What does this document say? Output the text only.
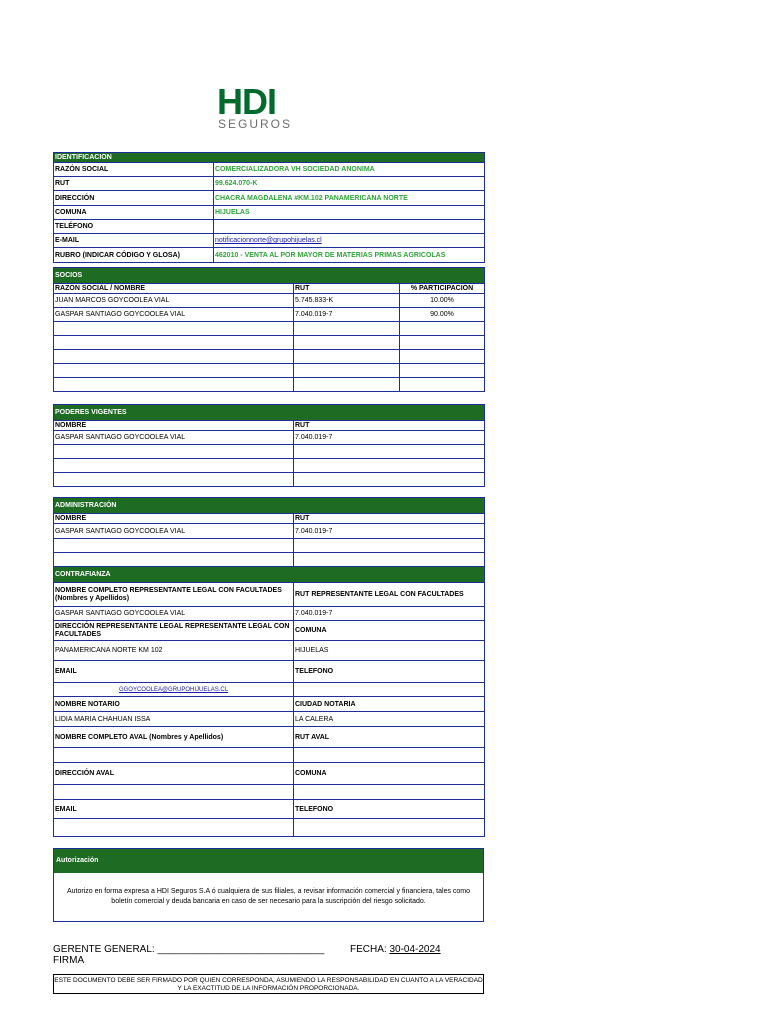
HDI
SEGUROS
IDENTIFICACIÓN	
RAZÓN SOCIAL	COMERCIALIZADORA VH SOCIEDAD ANONIMA
RUT	99.624.070-K
DIRECCIÓN	CHACRA MAGDALENA #KM.102 PANAMERICANA NORTE
COMUNA	HIJUELAS
TELÉFONO	
E-MAIL	notificacionnorte@grupohijuelas.cl
RUBRO (INDICAR CÓDIGO Y GLOSA)	462010 - VENTA AL POR MAYOR DE MATERIAS PRIMAS AGRICOLAS
SOCIOS		
RAZÓN SOCIAL / NOMBRE	RUT	% PARTICIPACIÓN
JUAN MARCOS GOYCOOLEA VIAL	5.745.833-K	10.00%
GASPAR SANTIAGO GOYCOOLEA VIAL	7.040.019-7	90.00%

PODERES VIGENTES	
NOMBRE	RUT
GASPAR SANTIAGO GOYCOOLEA VIAL	7.040.019-7

ADMINISTRACIÓN	
NOMBRE	RUT
GASPAR SANTIAGO GOYCOOLEA VIAL	7.040.019-7

CONTRAFIANZA	
NOMBRE COMPLETO REPRESENTANTE LEGAL CON FACULTADES (Nombres y Apellidos)	RUT REPRESENTANTE LEGAL CON FACULTADES
GASPAR SANTIAGO GOYCOOLEA VIAL	7.040.019-7
DIRECCIÓN REPRESENTANTE LEGAL REPRESENTANTE LEGAL CON FACULTADES	COMUNA
PANAMERICANA NORTE KM 102	HIJUELAS
EMAIL	TELEFONO
GGOYCOOLEA@GRUPOHIJUELAS.CL	
NOMBRE NOTARIO	CIUDAD NOTARIA
LIDIA MARIA CHAHUAN ISSA	LA CALERA
NOMBRE COMPLETO AVAL (Nombres y Apellidos)	RUT AVAL

DIRECCIÓN AVAL	COMUNA

EMAIL	TELEFONO

Autorización
Autorizo en forma expresa a HDI Seguros S.A ó cualquiera de sus filiales, a revisar información comercial y financiera, tales como boletín comercial y deuda bancaria en caso de ser necesario para la suscripción del riesgo solicitado.
GERENTE GENERAL: ______________________________
FIRMA
FECHA: 30-04-2024
ESTE DOCUMENTO DEBE SER FIRMADO POR QUIEN CORRESPONDA, ASUMIENDO LA RESPONSABILIDAD EN CUANTO A LA VERACIDAD Y LA EXACTITUD DE LA INFORMACIÓN PROPORCIONADA.
